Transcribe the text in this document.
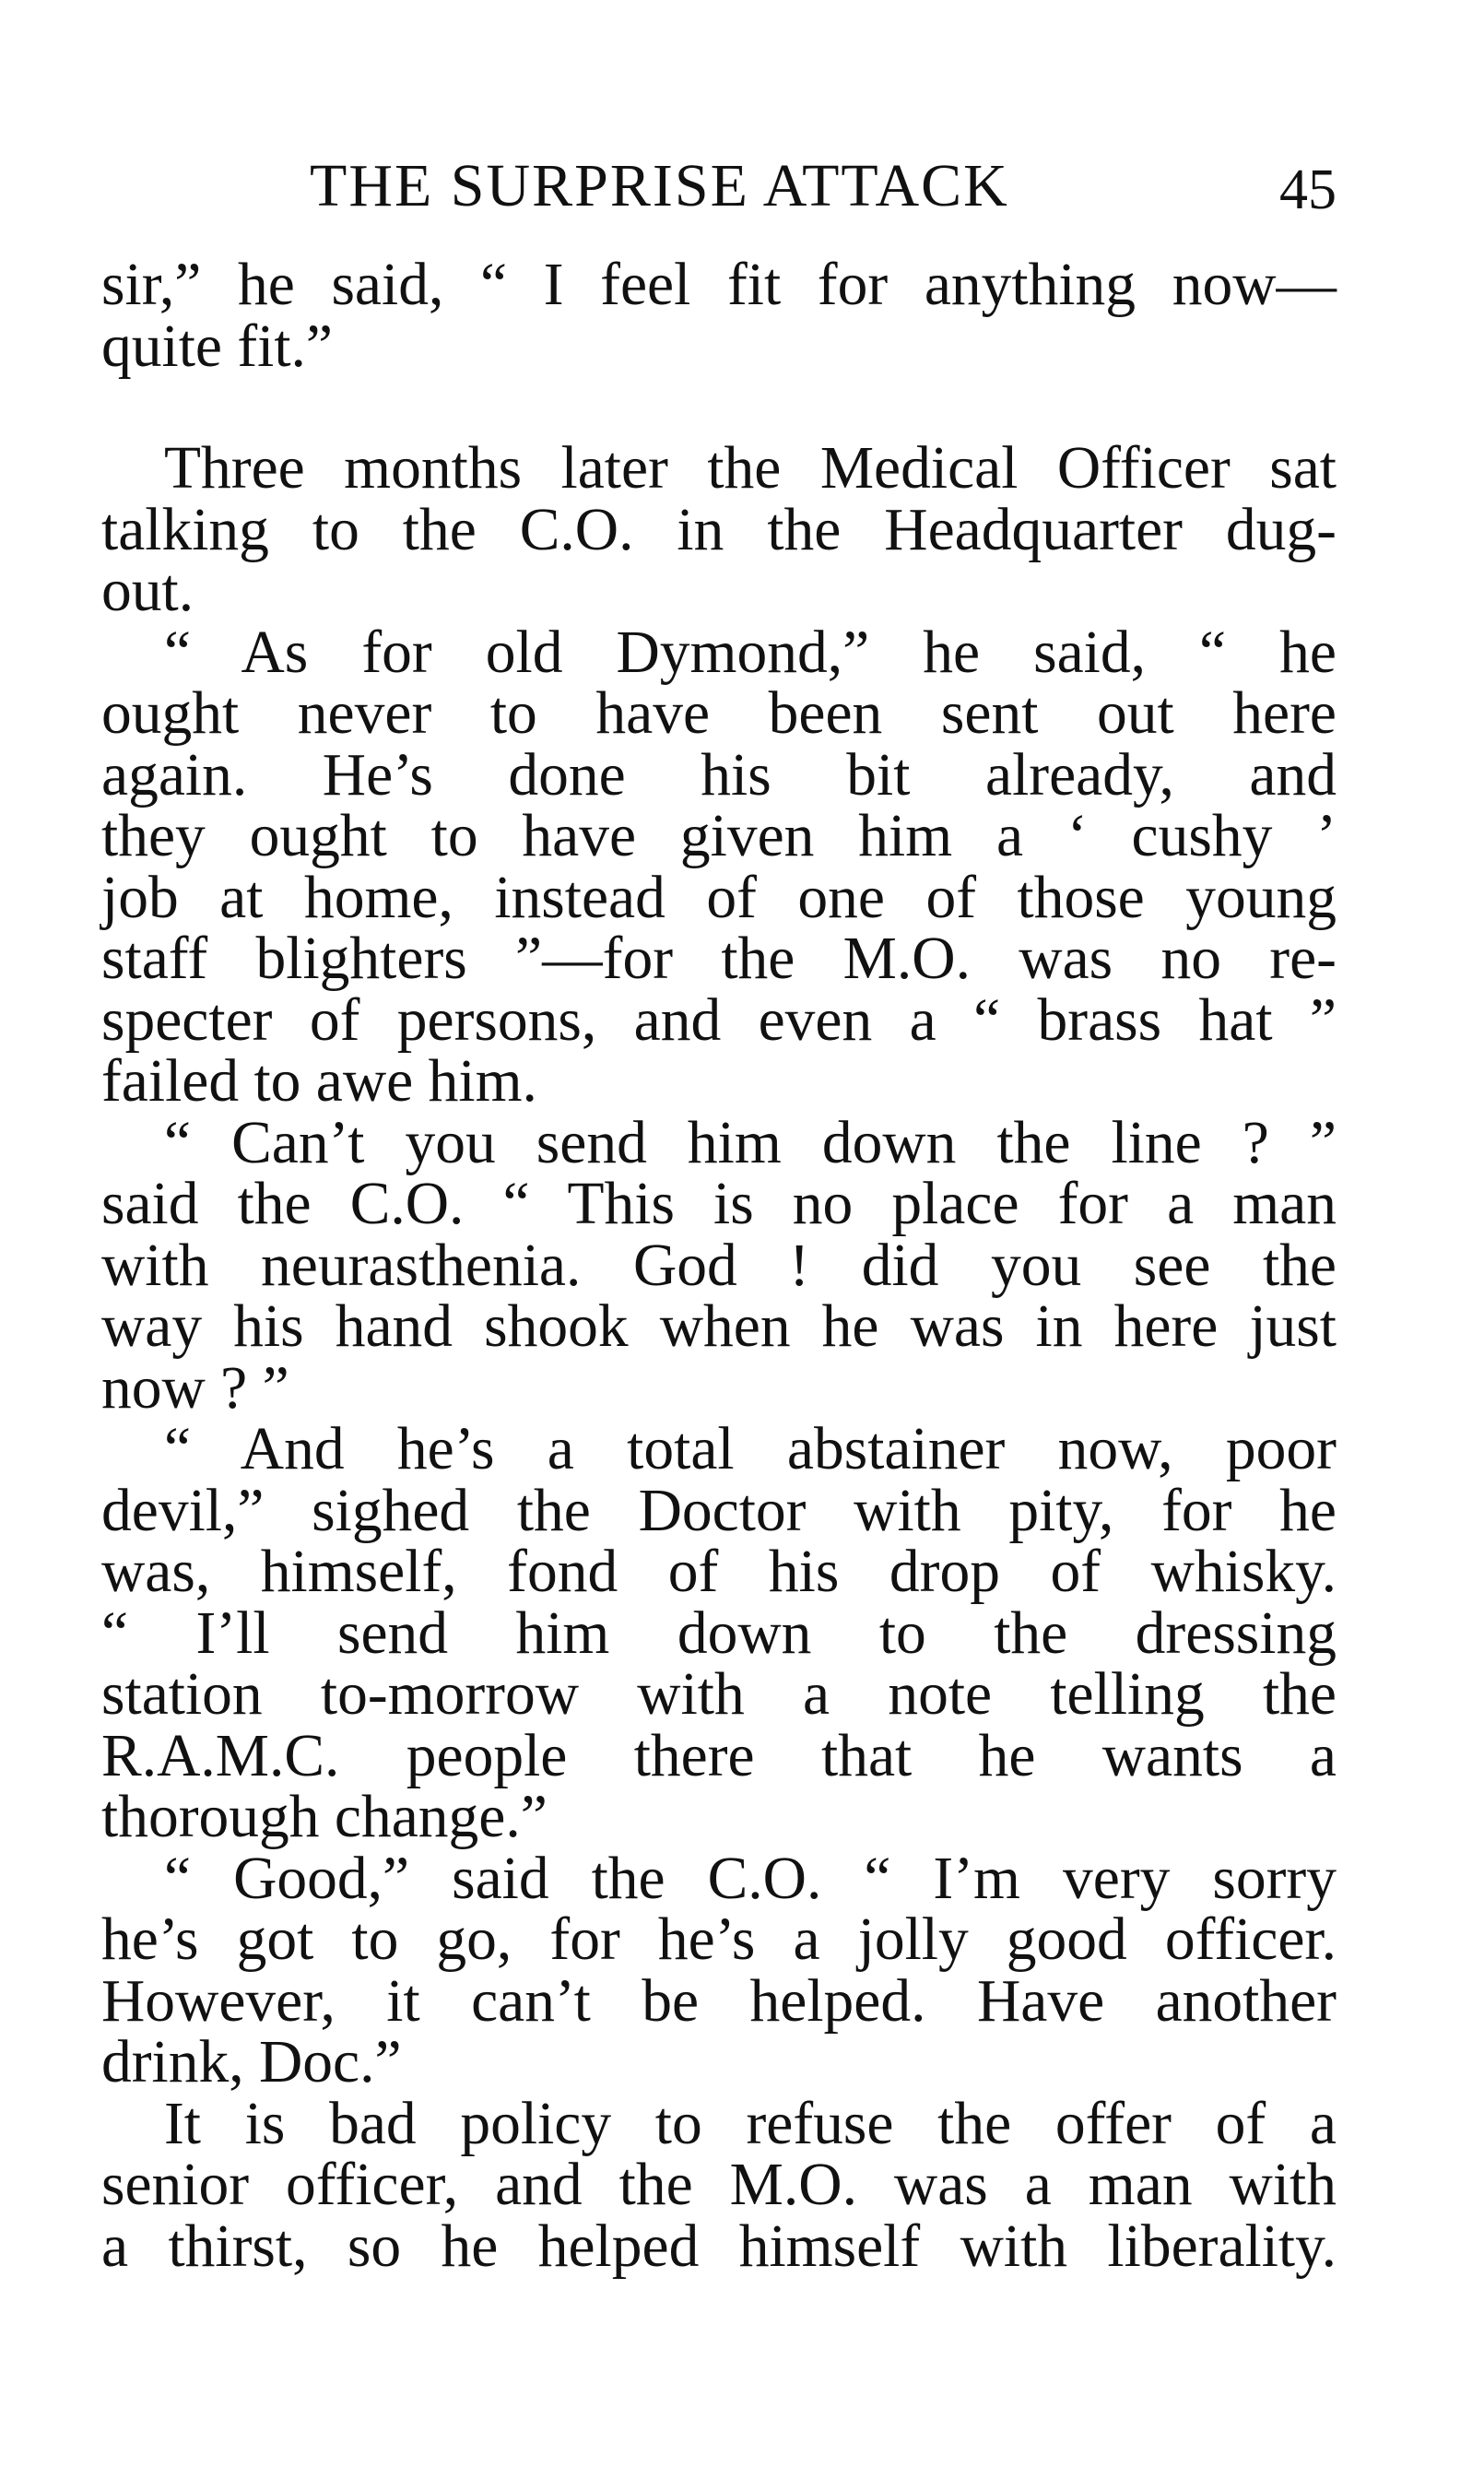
THE SURPRISE ATTACK	45
sir,” he said, “ I feel fit for anything now—
quite fit.”
Three months later the Medical Officer sat
talking to the C.O. in the Headquarter dug-
out.
“ As for old Dymond,” he said, “ he
ought never to have been sent out here
again. He’s done his bit already, and
they ought to have given him a ‘ cushy ’
job at home, instead of one of those young
staff blighters ”—for the M.O. was no re-
specter of persons, and even a “ brass hat ”
failed to awe him.
“ Can’t you send him down the line ? ”
said the C.O. “ This is no place for a man
with neurasthenia. God ! did you see the
way his hand shook when he was in here just
now ? ”
“ And he’s a total abstainer now, poor
devil,” sighed the Doctor with pity, for he
was, himself, fond of his drop of whisky.
“ I’ll send him down to the dressing
station to-morrow with a note telling the
R.A.M.C. people there that he wants a
thorough change.”
“ Good,” said the C.O. “ I’m very sorry
he’s got to go, for he’s a jolly good officer.
However, it can’t be helped. Have another
drink, Doc.”
It is bad policy to refuse the offer of a
senior officer, and the M.O. was a man with
a thirst, so he helped himself with liberality.
